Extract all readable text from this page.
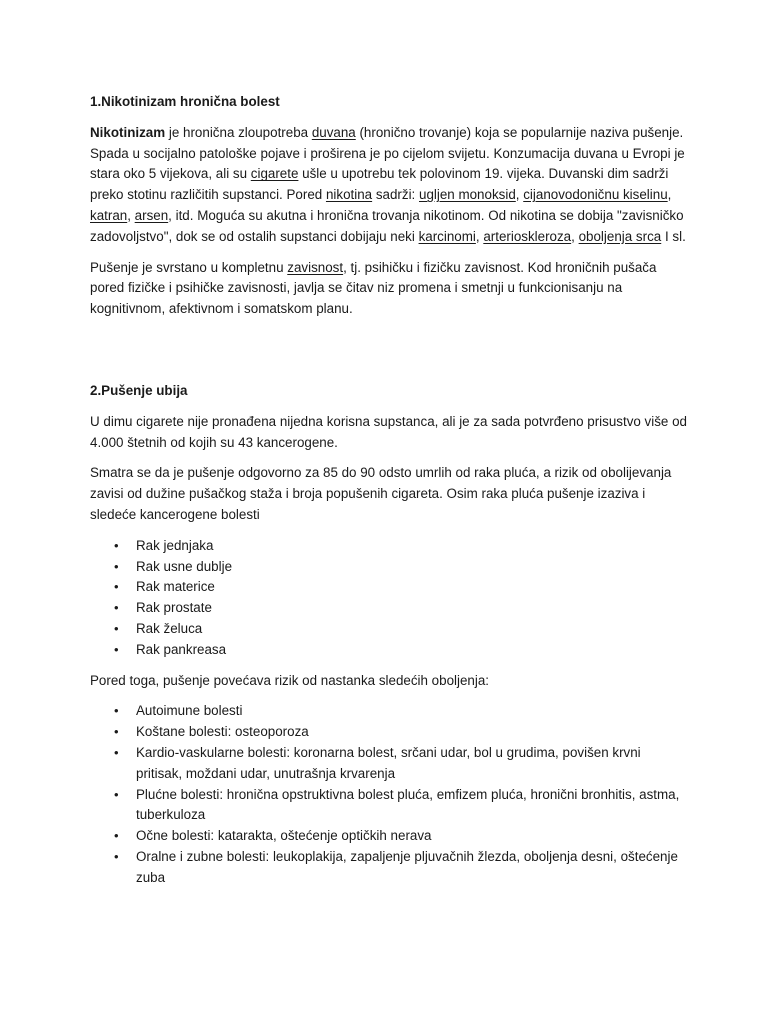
1.Nikotinizam hronična bolest

Nikotinizam je hronična zloupotreba duvana (hronično trovanje) koja se popularnije naziva pušenje. Spada u socijalno patološke pojave i proširena je po cijelom svijetu. Konzumacija duvana u Evropi je stara oko 5 vijekova, ali su cigarete ušle u upotrebu tek polovinom 19. vijeka. Duvanski dim sadrži preko stotinu različitih supstanci. Pored nikotina sadrži: ugljen monoksid, cijanovodoničnu kiselinu, katran, arsen, itd. Moguća su akutna i hronična trovanja nikotinom. Od nikotina se dobija "zavisničko zadovoljstvo", dok se od ostalih supstanci dobijaju neki karcinomi, arterioskleroza, oboljenja srca I sl.

Pušenje je svrstano u kompletnu zavisnost, tj. psihičku i fizičku zavisnost. Kod hroničnih pušača pored fizičke i psihičke zavisnosti, javlja se čitav niz promena i smetnji u funkcionisanju na kognitivnom, afektivnom i somatskom planu.

2.Pušenje ubija

U dimu cigarete nije pronađena nijedna korisna supstanca, ali je za sada potvrđeno prisustvo više od 4.000 štetnih od kojih su 43 kancerogene.

Smatra se da je pušenje odgovorno za 85 do 90 odsto umrlih od raka pluća, a rizik od obolijevanja zavisi od dužine pušačkog staža i broja popušenih cigareta. Osim raka pluća pušenje izaziva i sledeće kancerogene bolesti

• Rak jednjaka
• Rak usne dublje
• Rak materice
• Rak prostate
• Rak želuca
• Rak pankreasa

Pored toga, pušenje povećava rizik od nastanka sledećih oboljenja:

• Autoimune bolesti
• Koštane bolesti: osteoporoza
• Kardio-vaskularne bolesti: koronarna bolest, srčani udar, bol u grudima, povišen krvni pritisak, moždani udar, unutrašnja krvarenja
• Plućne bolesti: hronična opstruktivna bolest pluća, emfizem pluća, hronični bronhitis, astma, tuberkuloza
• Očne bolesti: katarakta, oštećenje optičkih nerava
• Oralne i zubne bolesti: leukoplakija, zapaljenje pljuvačnih žlezda, oboljenja desni, oštećenje zuba
